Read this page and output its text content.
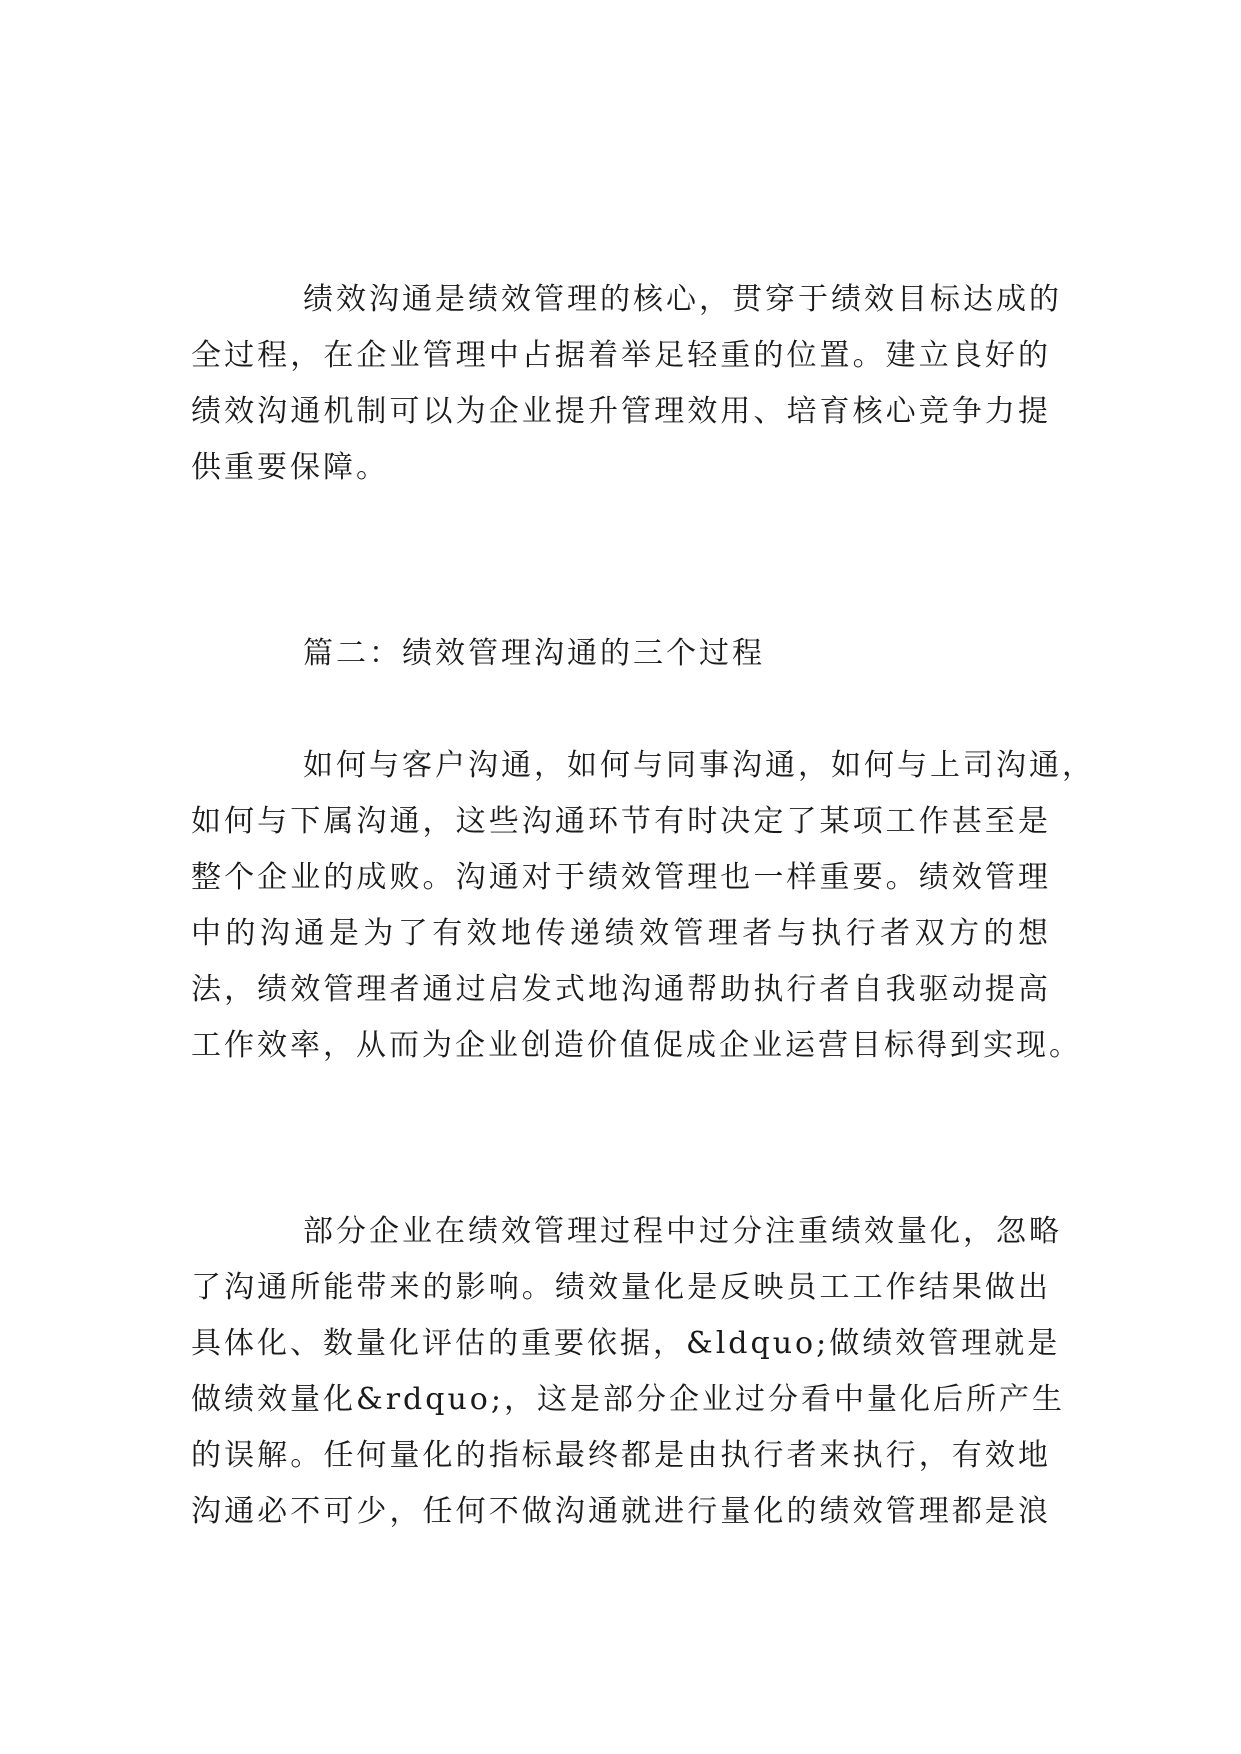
绩效沟通是绩效管理的核心，贯穿于绩效目标达成的
全过程，在企业管理中占据着举足轻重的位置。建立良好的
绩效沟通机制可以为企业提升管理效用、培育核心竞争力提
供重要保障。
篇二：绩效管理沟通的三个过程
如何与客户沟通，如何与同事沟通，如何与上司沟通，
如何与下属沟通，这些沟通环节有时决定了某项工作甚至是
整个企业的成败。沟通对于绩效管理也一样重要。绩效管理
中的沟通是为了有效地传递绩效管理者与执行者双方的想
法，绩效管理者通过启发式地沟通帮助执行者自我驱动提高
工作效率，从而为企业创造价值促成企业运营目标得到实现。
部分企业在绩效管理过程中过分注重绩效量化，忽略
了沟通所能带来的影响。绩效量化是反映员工工作结果做出
具体化、数量化评估的重要依据，&ldquo;做绩效管理就是
做绩效量化&rdquo;，这是部分企业过分看中量化后所产生
的误解。任何量化的指标最终都是由执行者来执行，有效地
沟通必不可少，任何不做沟通就进行量化的绩效管理都是浪
